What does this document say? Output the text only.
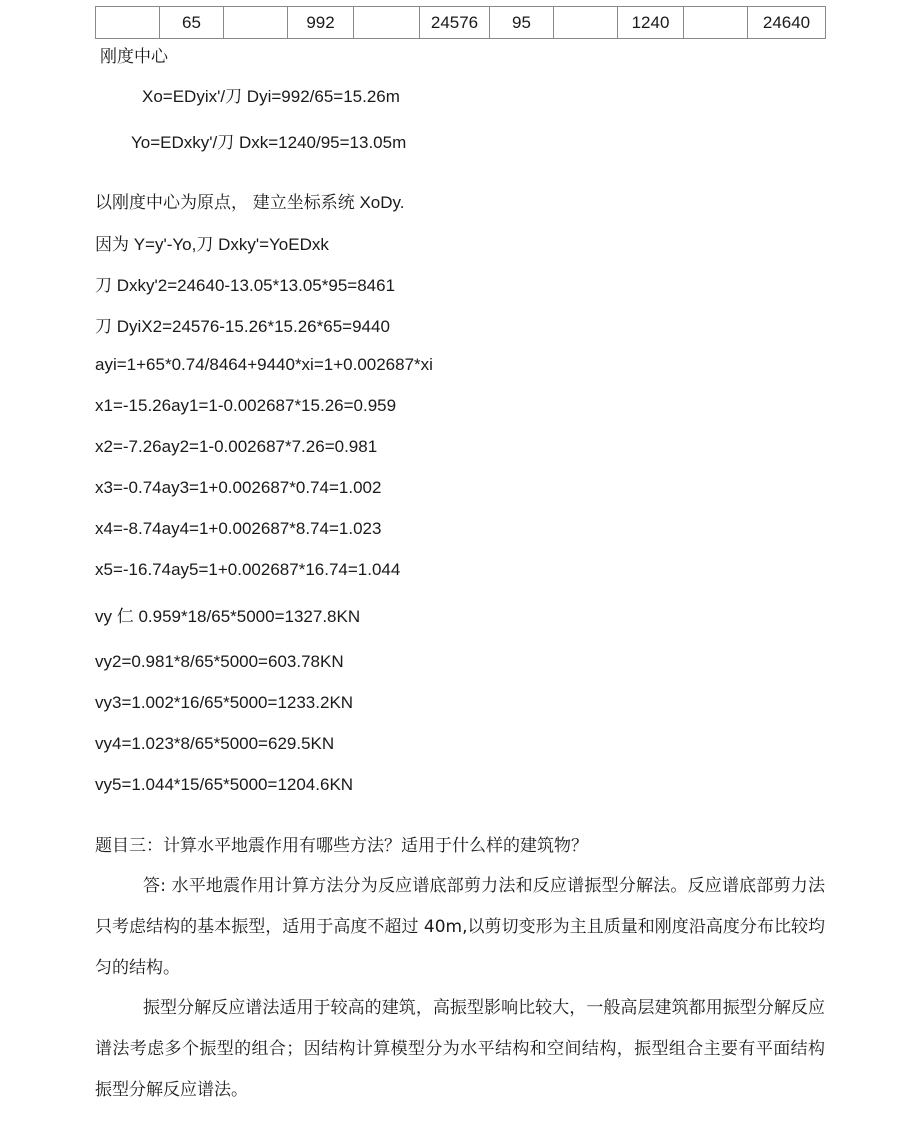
	65		992		24576	95		1240		24640
刚度中心
Xo=EDyix'/刀 Dyi=992/65=15.26m
Yo=EDxky'/刀 Dxk=1240/95=13.05m
以刚度中心为原点， 建立坐标系统 XoDy.
因为 Y=y'-Yo,刀 Dxky'=YoEDxk
刀 Dxky'2=24640-13.05*13.05*95=8461
刀 DyiX2=24576-15.26*15.26*65=9440
ayi=1+65*0.74/8464+9440*xi=1+0.002687*xi
x1=-15.26ay1=1-0.002687*15.26=0.959
x2=-7.26ay2=1-0.002687*7.26=0.981
x3=-0.74ay3=1+0.002687*0.74=1.002
x4=-8.74ay4=1+0.002687*8.74=1.023
x5=-16.74ay5=1+0.002687*16.74=1.044
vy 仁 0.959*18/65*5000=1327.8KN
vy2=0.981*8/65*5000=603.78KN
vy3=1.002*16/65*5000=1233.2KN
vy4=1.023*8/65*5000=629.5KN
vy5=1.044*15/65*5000=1204.6KN
题目三：计算水平地震作用有哪些方法？适用于什么样的建筑物？
答: 水平地震作用计算方法分为反应谱底部剪力法和反应谱振型分解法。反应谱底部剪力法只考虑结构的基本振型，适用于高度不超过 40m,以剪切变形为主且质量和刚度沿高度分布比较均匀的结构。
振型分解反应谱法适用于较高的建筑，高振型影响比较大，一般高层建筑都用振型分解反应谱法考虑多个振型的组合；因结构计算模型分为水平结构和空间结构，振型组合主要有平面结构振型分解反应谱法。
